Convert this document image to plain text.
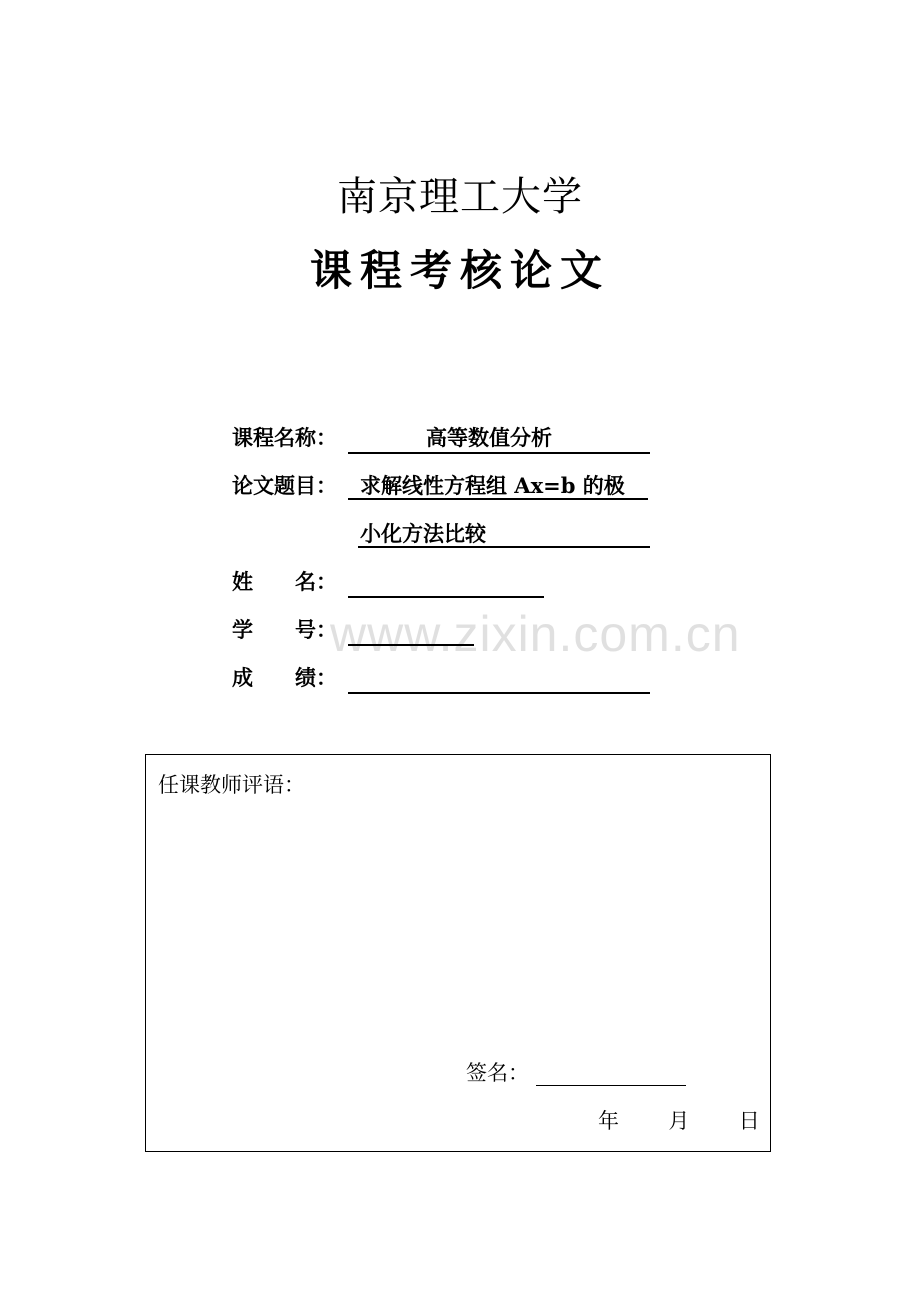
南京理工大学
课程考核论文
课程名称：	高等数值分析
论文题目：	求解线性方程组 Ax=b 的极
小化方法比较
姓　　名：
学　　号：
成　　绩：
www.zixin.com.cn
任课教师评语：
签名：
年 月 日
